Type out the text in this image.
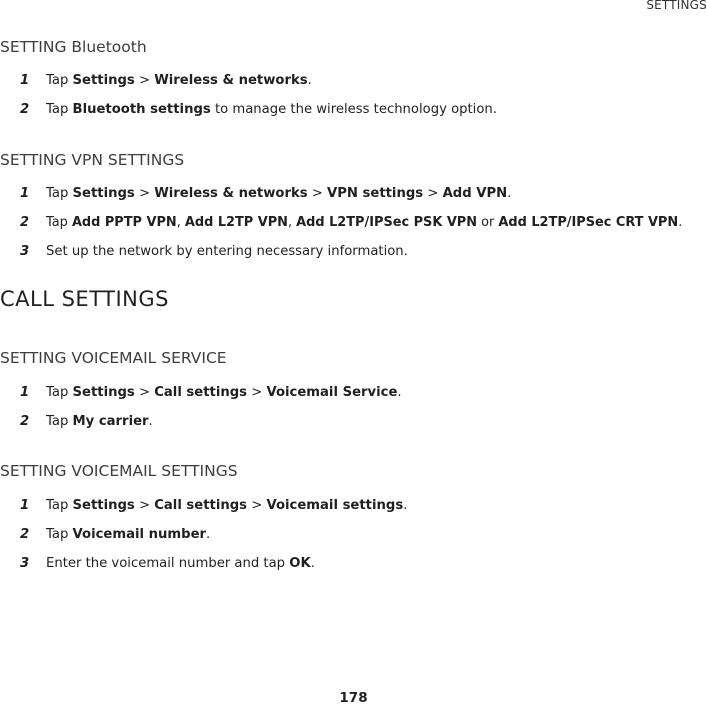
SETTINGS
SETTING Bluetooth
1 Tap Settings > Wireless & networks.
2 Tap Bluetooth settings to manage the wireless technology option.
SETTING VPN SETTINGS
1 Tap Settings > Wireless & networks > VPN settings > Add VPN.
2 Tap Add PPTP VPN, Add L2TP VPN, Add L2TP/IPSec PSK VPN or Add L2TP/IPSec CRT VPN.
3 Set up the network by entering necessary information.
CALL SETTINGS
SETTING VOICEMAIL SERVICE
1 Tap Settings > Call settings > Voicemail Service.
2 Tap My carrier.
SETTING VOICEMAIL SETTINGS
1 Tap Settings > Call settings > Voicemail settings.
2 Tap Voicemail number.
3 Enter the voicemail number and tap OK.
178
